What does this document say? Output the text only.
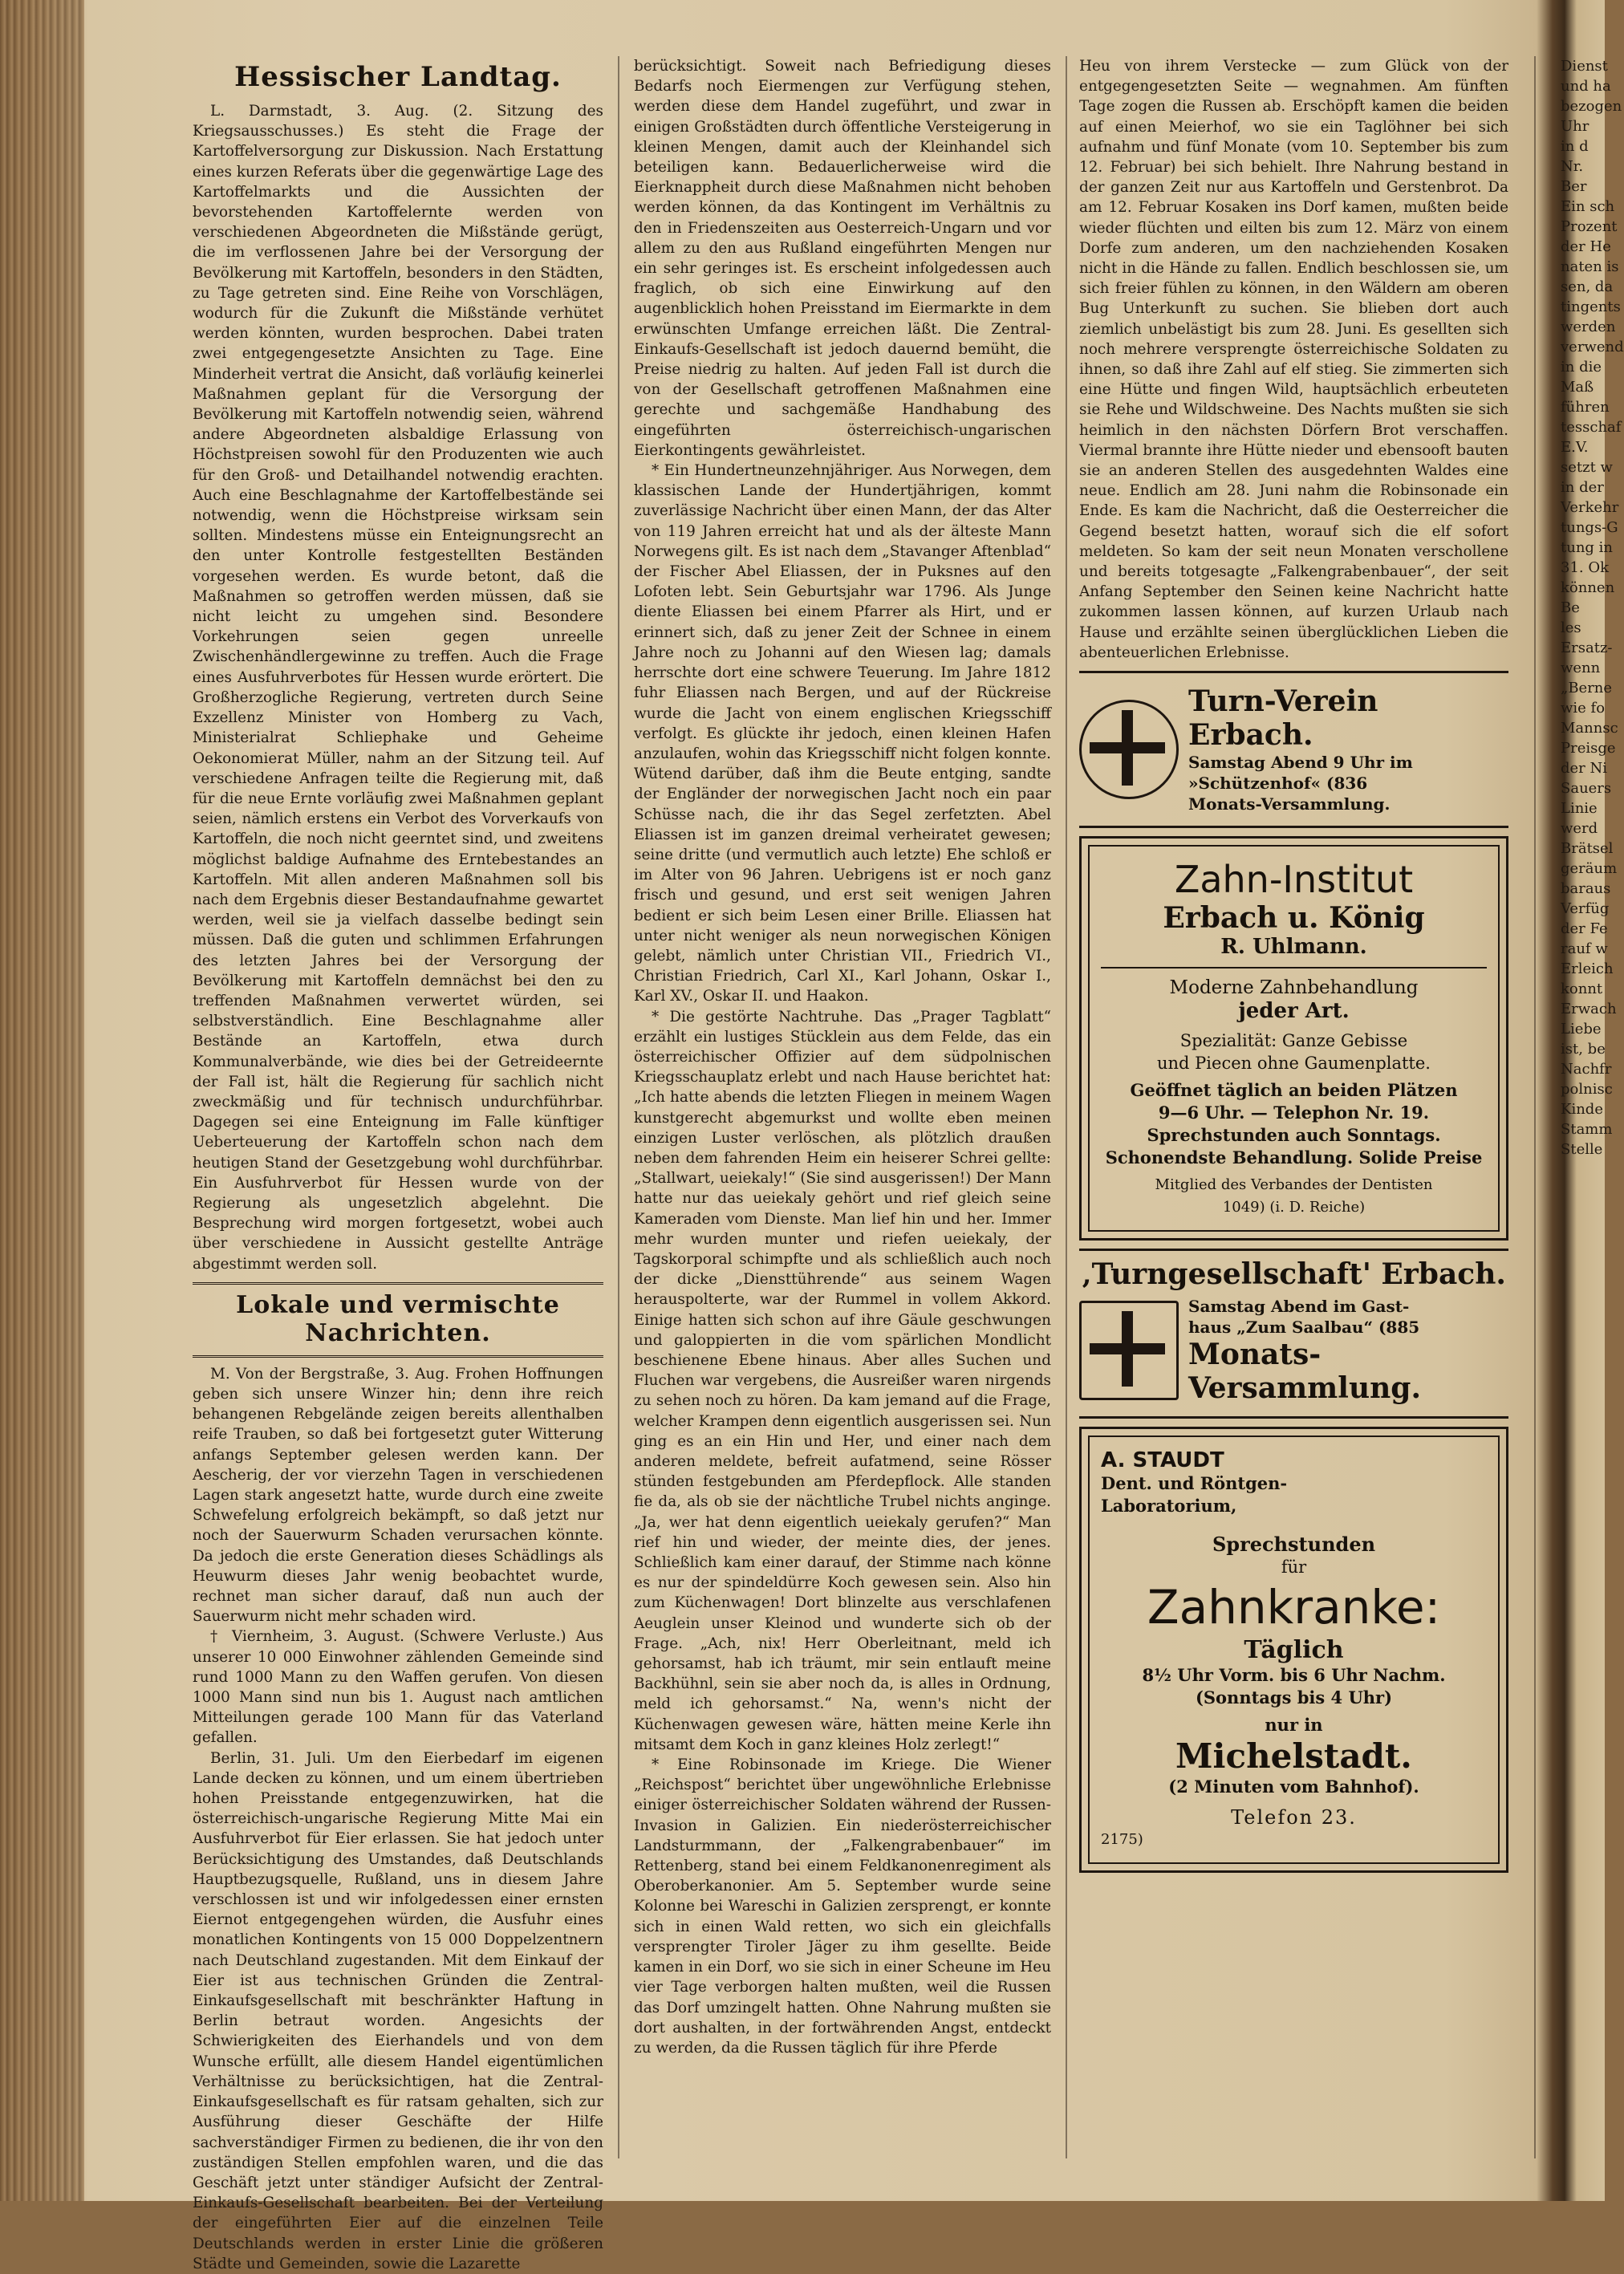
Hessischer Landtag.

L. Darmstadt, 3. Aug. (2. Sitzung des Kriegsausschusses.) Es steht die Frage der Kartoffelversorgung zur Diskussion. Nach Erstattung eines kurzen Referats über die gegenwärtige Lage des Kartoffelmarkts und die Aussichten der bevorstehenden Kartoffelernte werden von verschiedenen Abgeordneten die Mißstände gerügt, die im verflossenen Jahre bei der Versorgung der Bevölkerung mit Kartoffeln, besonders in den Städten, zu Tage getreten sind. Eine Reihe von Vorschlägen, wodurch für die Zukunft die Mißstände verhütet werden könnten, wurden besprochen. Dabei traten zwei entgegengesetzte Ansichten zu Tage. Eine Minderheit vertrat die Ansicht, daß vorläufig keinerlei Maßnahmen geplant für die Versorgung der Bevölkerung mit Kartoffeln notwendig seien, während andere Abgeordneten alsbaldige Erlassung von Höchstpreisen sowohl für den Produzenten wie auch für den Groß- und Detailhandel notwendig erachten. Auch eine Beschlagnahme der Kartoffelbestände sei notwendig, wenn die Höchstpreise wirksam sein sollten. Mindestens müsse ein Enteignungsrecht an den unter Kontrolle festgestellten Beständen vorgesehen werden. Es wurde betont, daß die Maßnahmen so getroffen werden müssen, daß sie nicht leicht zu umgehen sind. Besondere Vorkehrungen seien gegen unreelle Zwischenhändlergewinne zu treffen. Auch die Frage eines Ausfuhrverbotes für Hessen wurde erörtert. Die Großherzogliche Regierung, vertreten durch Seine Exzellenz Minister von Homberg zu Vach, Ministerialrat Schliephake und Geheime Oekonomierat Müller, nahm an der Sitzung teil. Auf verschiedene Anfragen teilte die Regierung mit, daß für die neue Ernte vorläufig zwei Maßnahmen geplant seien, nämlich erstens ein Verbot des Vorverkaufs von Kartoffeln, die noch nicht geerntet sind, und zweitens möglichst baldige Aufnahme des Erntebestandes an Kartoffeln. Mit allen anderen Maßnahmen soll bis nach dem Ergebnis dieser Bestandaufnahme gewartet werden, weil sie ja vielfach dasselbe bedingt sein müssen. Daß die guten und schlimmen Erfahrungen des letzten Jahres bei der Versorgung der Bevölkerung mit Kartoffeln demnächst bei den zu treffenden Maßnahmen verwertet würden, sei selbstverständlich. Eine Beschlagnahme aller Bestände an Kartoffeln, etwa durch Kommunalverbände, wie dies bei der Getreideernte der Fall ist, hält die Regierung für sachlich nicht zweckmäßig und für technisch undurchführbar. Dagegen sei eine Enteignung im Falle künftiger Ueberteuerung der Kartoffeln schon nach dem heutigen Stand der Gesetzgebung wohl durchführbar. Ein Ausfuhrverbot für Hessen wurde von der Regierung als ungesetzlich abgelehnt. Die Besprechung wird morgen fortgesetzt, wobei auch über verschiedene in Aussicht gestellte Anträge abgestimmt werden soll.

Lokale und vermischte Nachrichten.

M. Von der Bergstraße, 3. Aug. Frohen Hoffnungen geben sich unsere Winzer hin; denn ihre reich behangenen Rebgelände zeigen bereits allenthalben reife Trauben, so daß bei fortgesetzt guter Witterung anfangs September gelesen werden kann. Der Aescherig, der vor vierzehn Tagen in verschiedenen Lagen stark angesetzt hatte, wurde durch eine zweite Schwefelung erfolgreich bekämpft, so daß jetzt nur noch der Sauerwurm Schaden verursachen könnte. Da jedoch die erste Generation dieses Schädlings als Heuwurm dieses Jahr wenig beobachtet wurde, rechnet man sicher darauf, daß nun auch der Sauerwurm nicht mehr schaden wird.

† Viernheim, 3. August. (Schwere Verluste.) Aus unserer 10 000 Einwohner zählenden Gemeinde sind rund 1000 Mann zu den Waffen gerufen. Von diesen 1000 Mann sind nun bis 1. August nach amtlichen Mitteilungen gerade 100 Mann für das Vaterland gefallen.

Berlin, 31. Juli. Um den Eierbedarf im eigenen Lande decken zu können, und um einem übertrieben hohen Preisstande entgegenzuwirken, hat die österreichisch-ungarische Regierung Mitte Mai ein Ausfuhrverbot für Eier erlassen. Sie hat jedoch unter Berücksichtigung des Umstandes, daß Deutschlands Hauptbezugsquelle, Rußland, uns in diesem Jahre verschlossen ist und wir infolgedessen einer ernsten Eiernot entgegengehen würden, die Ausfuhr eines monatlichen Kontingents von 15 000 Doppelzentnern nach Deutschland zugestanden. Mit dem Einkauf der Eier ist aus technischen Gründen die Zentral-Einkaufsgesellschaft mit beschränkter Haftung in Berlin betraut worden. Angesichts der Schwierigkeiten des Eierhandels und von dem Wunsche erfüllt, alle diesem Handel eigentümlichen Verhältnisse zu berücksichtigen, hat die Zentral-Einkaufsgesellschaft es für ratsam gehalten, sich zur Ausführung dieser Geschäfte der Hilfe sachverständiger Firmen zu bedienen, die ihr von den zuständigen Stellen empfohlen waren, und die das Geschäft jetzt unter ständiger Aufsicht der Zentral-Einkaufs-Gesellschaft bearbeiten. Bei der Verteilung der eingeführten Eier auf die einzelnen Teile Deutschlands werden in erster Linie die größeren Städte und Gemeinden, sowie die Lazarette

berücksichtigt. Soweit nach Befriedigung dieses Bedarfs noch Eiermengen zur Verfügung stehen, werden diese dem Handel zugeführt, und zwar in einigen Großstädten durch öffentliche Versteigerung in kleinen Mengen, damit auch der Kleinhandel sich beteiligen kann. Bedauerlicherweise wird die Eierknappheit durch diese Maßnahmen nicht behoben werden können, da das Kontingent im Verhältnis zu den in Friedenszeiten aus Oesterreich-Ungarn und vor allem zu den aus Rußland eingeführten Mengen nur ein sehr geringes ist. Es erscheint infolgedessen auch fraglich, ob sich eine Einwirkung auf den augenblicklich hohen Preisstand im Eiermarkte in dem erwünschten Umfange erreichen läßt. Die Zentral-Einkaufs-Gesellschaft ist jedoch dauernd bemüht, die Preise niedrig zu halten. Auf jeden Fall ist durch die von der Gesellschaft getroffenen Maßnahmen eine gerechte und sachgemäße Handhabung des eingeführten österreichisch-ungarischen Eierkontingents gewährleistet.

* Ein Hundertneunzehnjähriger. Aus Norwegen, dem klassischen Lande der Hundertjährigen, kommt zuverlässige Nachricht über einen Mann, der das Alter von 119 Jahren erreicht hat und als der älteste Mann Norwegens gilt. Es ist nach dem „Stavanger Aftenblad“ der Fischer Abel Eliassen, der in Puksnes auf den Lofoten lebt. Sein Geburtsjahr war 1796. Als Junge diente Eliassen bei einem Pfarrer als Hirt, und er erinnert sich, daß zu jener Zeit der Schnee in einem Jahre noch zu Johanni auf den Wiesen lag; damals herrschte dort eine schwere Teuerung. Im Jahre 1812 fuhr Eliassen nach Bergen, und auf der Rückreise wurde die Jacht von einem englischen Kriegsschiff verfolgt. Es glückte ihr jedoch, einen kleinen Hafen anzulaufen, wohin das Kriegsschiff nicht folgen konnte. Wütend darüber, daß ihm die Beute entging, sandte der Engländer der norwegischen Jacht noch ein paar Schüsse nach, die ihr das Segel zerfetzten. Abel Eliassen ist im ganzen dreimal verheiratet gewesen; seine dritte (und vermutlich auch letzte) Ehe schloß er im Alter von 96 Jahren. Uebrigens ist er noch ganz frisch und gesund, und erst seit wenigen Jahren bedient er sich beim Lesen einer Brille. Eliassen hat unter nicht weniger als neun norwegischen Königen gelebt, nämlich unter Christian VII., Friedrich VI., Christian Friedrich, Carl XI., Karl Johann, Oskar I., Karl XV., Oskar II. und Haakon.

* Die gestörte Nachtruhe. Das „Prager Tagblatt“ erzählt ein lustiges Stücklein aus dem Felde, das ein österreichischer Offizier auf dem südpolnischen Kriegsschauplatz erlebt und nach Hause berichtet hat: „Ich hatte abends die letzten Fliegen in meinem Wagen kunstgerecht abgemurkst und wollte eben meinen einzigen Luster verlöschen, als plötzlich draußen neben dem fahrenden Heim ein heiserer Schrei gellte: „Stallwart, ueiekaly!“ (Sie sind ausgerissen!) Der Mann hatte nur das ueiekaly gehört und rief gleich seine Kameraden vom Dienste. Man lief hin und her. Immer mehr wurden munter und riefen ueiekaly, der Tagskorporal schimpfte und als schließlich auch noch der dicke „Diensttührende“ aus seinem Wagen herauspolterte, war der Rummel in vollem Akkord. Einige hatten sich schon auf ihre Gäule geschwungen und galoppierten in die vom spärlichen Mondlicht beschienene Ebene hinaus. Aber alles Suchen und Fluchen war vergebens, die Ausreißer waren nirgends zu sehen noch zu hören. Da kam jemand auf die Frage, welcher Krampen denn eigentlich ausgerissen sei. Nun ging es an ein Hin und Her, und einer nach dem anderen meldete, befreit aufatmend, seine Rösser stünden festgebunden am Pferdepflock. Alle standen fie da, als ob sie der nächtliche Trubel nichts anginge. „Ja, wer hat denn eigentlich ueiekaly gerufen?“ Man rief hin und wieder, der meinte dies, der jenes. Schließlich kam einer darauf, der Stimme nach könne es nur der spindeldürre Koch gewesen sein. Also hin zum Küchenwagen! Dort blinzelte aus verschlafenen Aeuglein unser Kleinod und wunderte sich ob der Frage. „Ach, nix! Herr Oberleitnant, meld ich gehorsamst, hab ich träumt, mir sein entlauft meine Backhühnl, sein sie aber noch da, is alles in Ordnung, meld ich gehorsamst.“ Na, wenn's nicht der Küchenwagen gewesen wäre, hätten meine Kerle ihn mitsamt dem Koch in ganz kleines Holz zerlegt!“

* Eine Robinsonade im Kriege. Die Wiener „Reichspost“ berichtet über ungewöhnliche Erlebnisse einiger österreichischer Soldaten während der Russen-Invasion in Galizien. Ein niederösterreichischer Landsturmmann, der „Falkengrabenbauer“ im Rettenberg, stand bei einem Feldkanonenregiment als Oberoberkanonier. Am 5. September wurde seine Kolonne bei Wareschi in Galizien zersprengt, er konnte sich in einen Wald retten, wo sich ein gleichfalls versprengter Tiroler Jäger zu ihm gesellte. Beide kamen in ein Dorf, wo sie sich in einer Scheune im Heu vier Tage verborgen halten mußten, weil die Russen das Dorf umzingelt hatten. Ohne Nahrung mußten sie dort aushalten, in der fortwährenden Angst, entdeckt zu werden, da die Russen täglich für ihre Pferde

Heu von ihrem Verstecke — zum Glück von der entgegengesetzten Seite — wegnahmen. Am fünften Tage zogen die Russen ab. Erschöpft kamen die beiden auf einen Meierhof, wo sie ein Taglöhner bei sich aufnahm und fünf Monate (vom 10. September bis zum 12. Februar) bei sich behielt. Ihre Nahrung bestand in der ganzen Zeit nur aus Kartoffeln und Gerstenbrot. Da am 12. Februar Kosaken ins Dorf kamen, mußten beide wieder flüchten und eilten bis zum 12. März von einem Dorfe zum anderen, um den nachziehenden Kosaken nicht in die Hände zu fallen. Endlich beschlossen sie, um sich freier fühlen zu können, in den Wäldern am oberen Bug Unterkunft zu suchen. Sie blieben dort auch ziemlich unbelästigt bis zum 28. Juni. Es gesellten sich noch mehrere versprengte österreichische Soldaten zu ihnen, so daß ihre Zahl auf elf stieg. Sie zimmerten sich eine Hütte und fingen Wild, hauptsächlich erbeuteten sie Rehe und Wildschweine. Des Nachts mußten sie sich heimlich in den nächsten Dörfern Brot verschaffen. Viermal brannte ihre Hütte nieder und ebensooft bauten sie an anderen Stellen des ausgedehnten Waldes eine neue. Endlich am 28. Juni nahm die Robinsonade ein Ende. Es kam die Nachricht, daß die Oesterreicher die Gegend besetzt hatten, worauf sich die elf sofort meldeten. So kam der seit neun Monaten verschollene und bereits totgesagte „Falkengrabenbauer“, der seit Anfang September den Seinen keine Nachricht hatte zukommen lassen können, auf kurzen Urlaub nach Hause und erzählte seinen überglücklichen Lieben die abenteuerlichen Erlebnisse.

Turn-Verein Erbach.
Samstag Abend 9 Uhr im
»Schützenhof« (836
Monats-Versammlung.
Zahn-Institut
Erbach u. König
R. Uhlmann.
Moderne Zahnbehandlung
jeder Art.
Spezialität: Ganze Gebisse
und Piecen ohne Gaumenplatte.
Geöffnet täglich an beiden Plätzen
9—6 Uhr. — Telephon Nr. 19.
Sprechstunden auch Sonntags.
Schonendste Behandlung. Solide Preise
Mitglied des Verbandes der Dentisten
1049) (i. D. Reiche)
‚Turngesellschaft' Erbach.
Samstag Abend im Gast-
haus „Zum Saalbau“ (885
Monats-Versammlung.
A. STAUDT
Dent. und Röntgen-
Laboratorium,
Sprechstunden
für
Zahnkranke:
Täglich
8½ Uhr Vorm. bis 6 Uhr Nachm.
(Sonntags bis 4 Uhr)
nur in
Michelstadt.
(2 Minuten vom Bahnhof).
Telefon 23.
2175)
Dienst
und ha
bezogen
Uhr
in d
Nr.
Ber
Ein sch
Prozent
der He
naten is
sen, da
tingents
werden
verwend
in die
Maß
führen
tesschaf
E.V.
setzt w
in der
Verkehr
tungs-G
tung in
31. Ok
können
Be
les
Ersatz-
wenn
„Berne
wie fo
Mannsc
Preisge
der Ni
Sauers
Linie
werd
Brätsel
geräum
baraus
Verfüg
der Fe
rauf w
Erleich
konnt
Erwach
Liebe
ist, be
Nachfr
polnisc
Kinde
Stamm
Stelle
